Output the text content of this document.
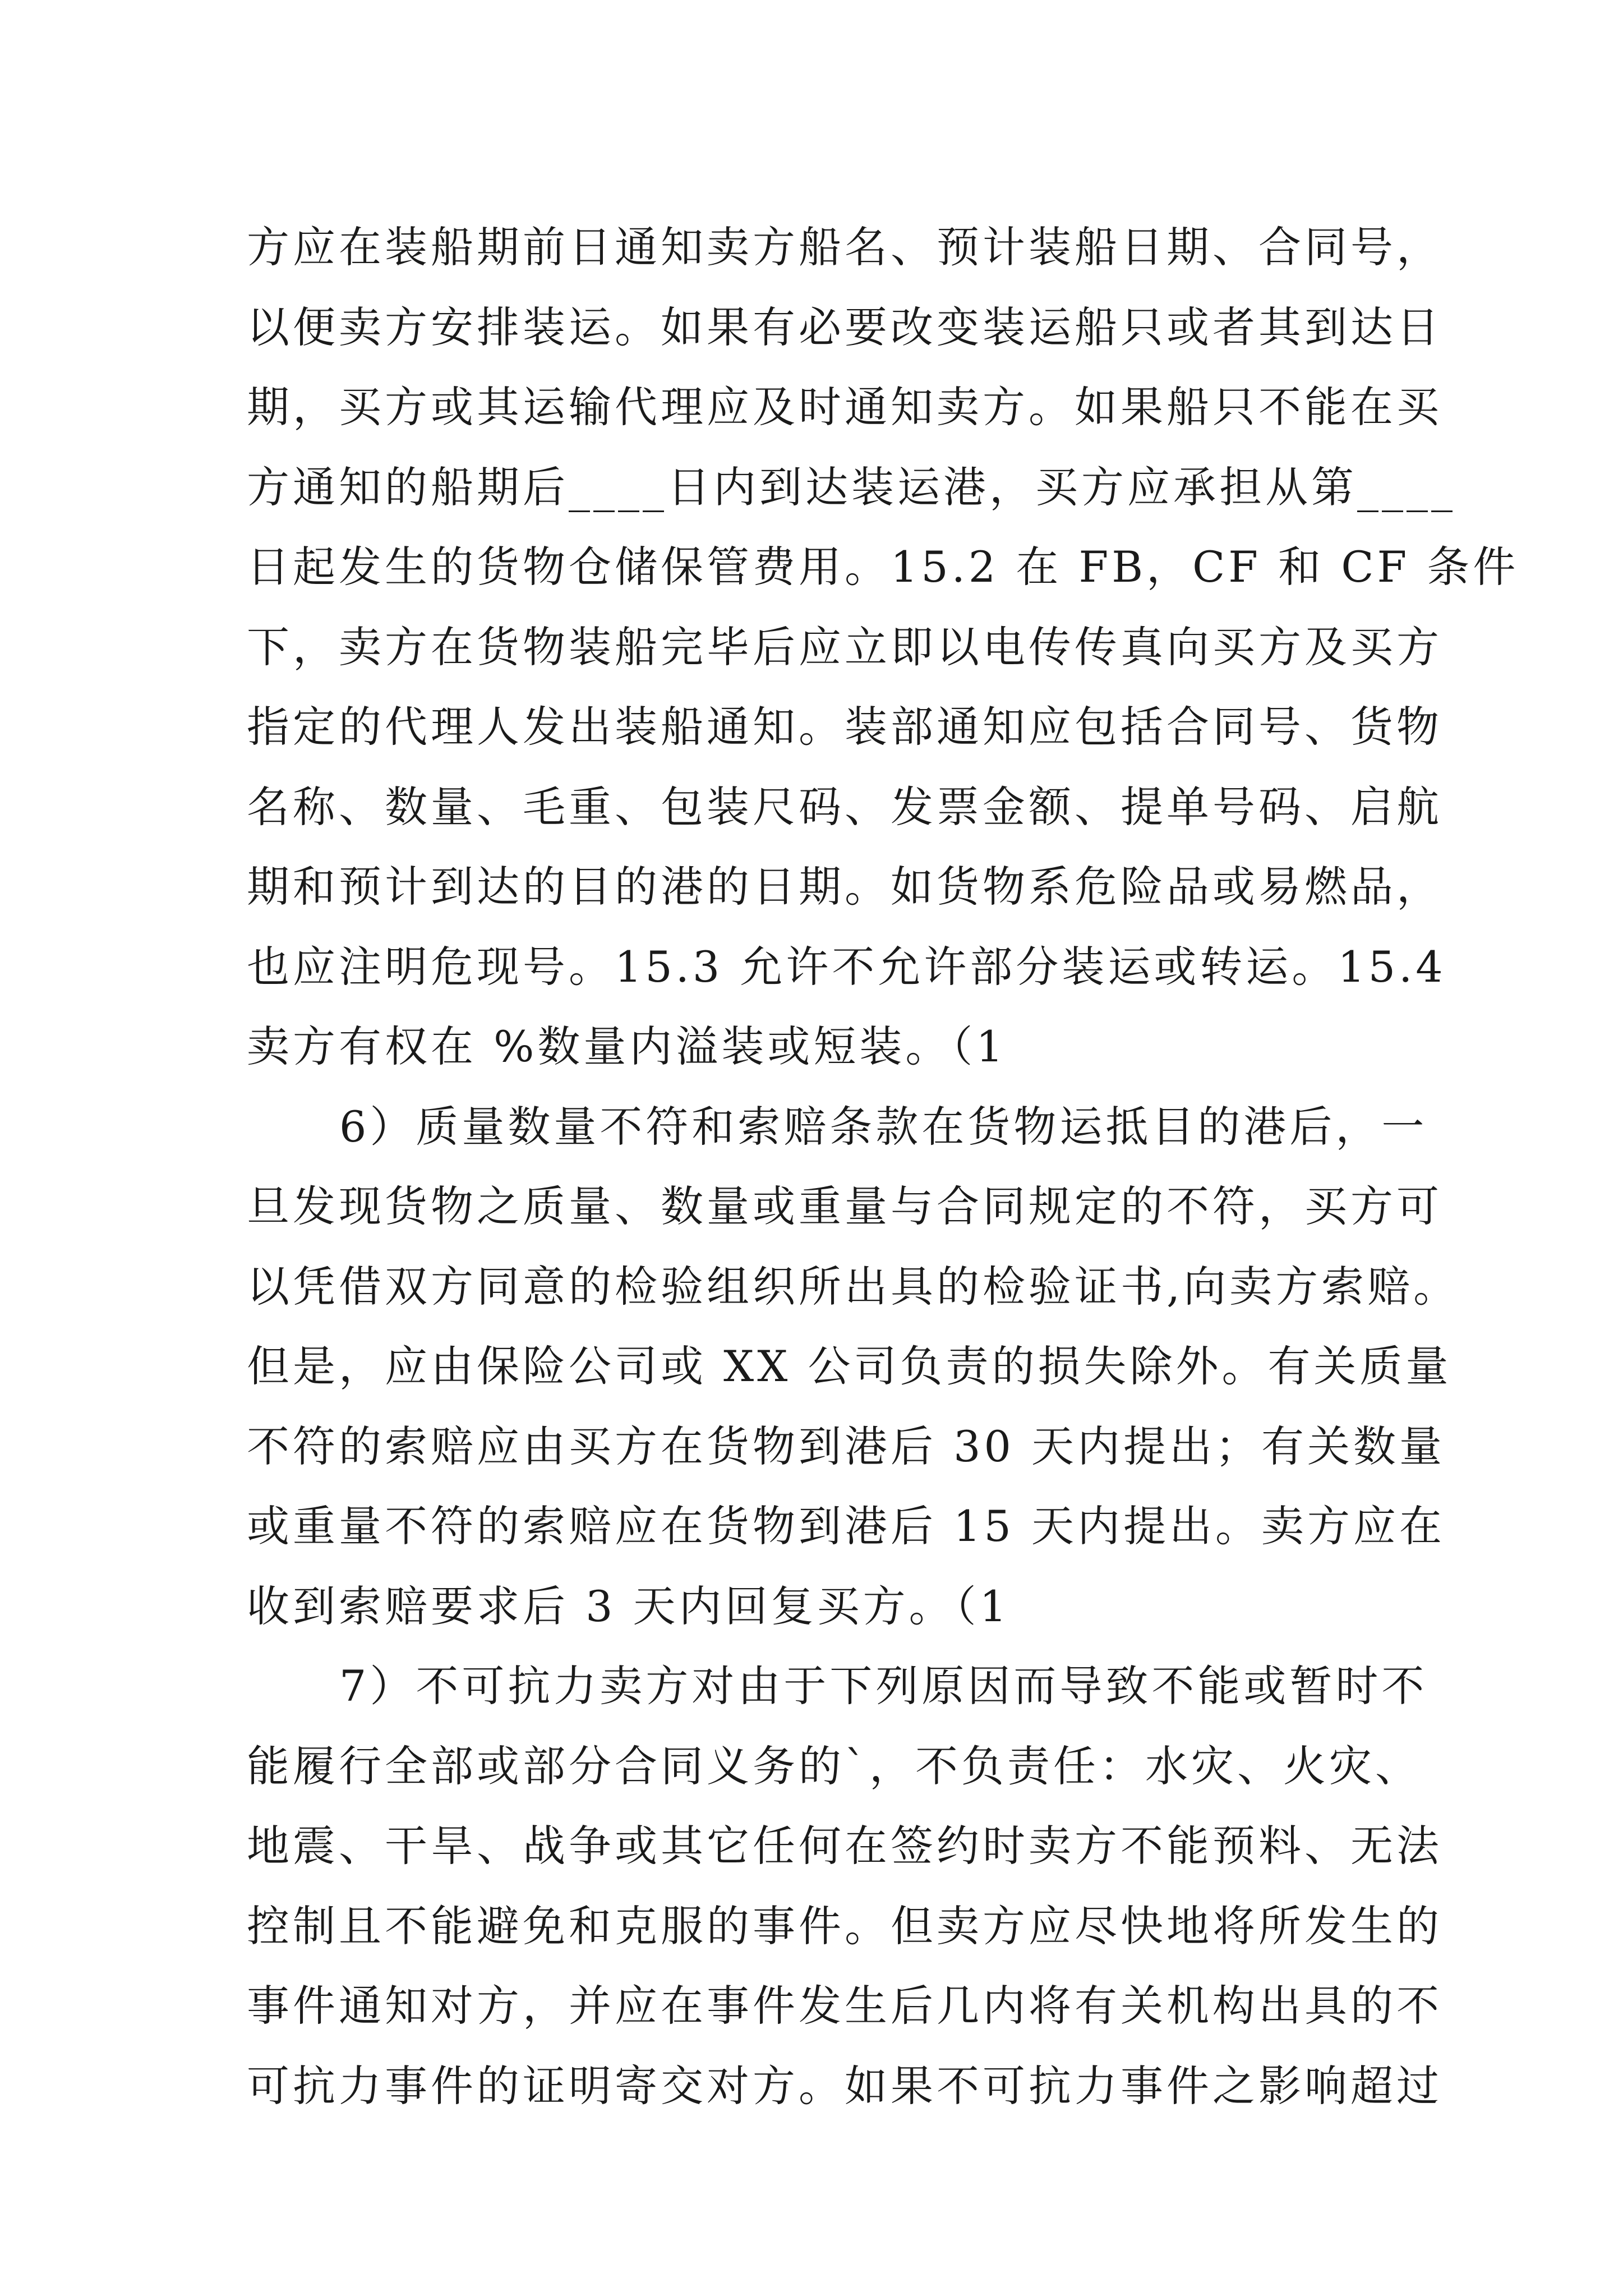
方应在装船期前日通知卖方船名、预计装船日期、合同号，
以便卖方安排装运。如果有必要改变装运船只或者其到达日
期，买方或其运输代理应及时通知卖方。如果船只不能在买
方通知的船期后____日内到达装运港，买方应承担从第____
日起发生的货物仓储保管费用。15.2 在 FB，CF 和 CF 条件
下，卖方在货物装船完毕后应立即以电传传真向买方及买方
指定的代理人发出装船通知。装部通知应包括合同号、货物
名称、数量、毛重、包装尺码、发票金额、提单号码、启航
期和预计到达的目的港的日期。如货物系危险品或易燃品，
也应注明危现号。15.3 允许不允许部分装运或转运。15.4
卖方有权在 %数量内溢装或短装。（1
6）质量数量不符和索赔条款在货物运抵目的港后，一
旦发现货物之质量、数量或重量与合同规定的不符，买方可
以凭借双方同意的检验组织所出具的检验证书,向卖方索赔。
但是，应由保险公司或 XX 公司负责的损失除外。有关质量
不符的索赔应由买方在货物到港后 30 天内提出；有关数量
或重量不符的索赔应在货物到港后 15 天内提出。卖方应在
收到索赔要求后 3 天内回复买方。（1
7）不可抗力卖方对由于下列原因而导致不能或暂时不
能履行全部或部分合同义务的`，不负责任：水灾、火灾、
地震、干旱、战争或其它任何在签约时卖方不能预料、无法
控制且不能避免和克服的事件。但卖方应尽快地将所发生的
事件通知对方，并应在事件发生后几内将有关机构出具的不
可抗力事件的证明寄交对方。如果不可抗力事件之影响超过
